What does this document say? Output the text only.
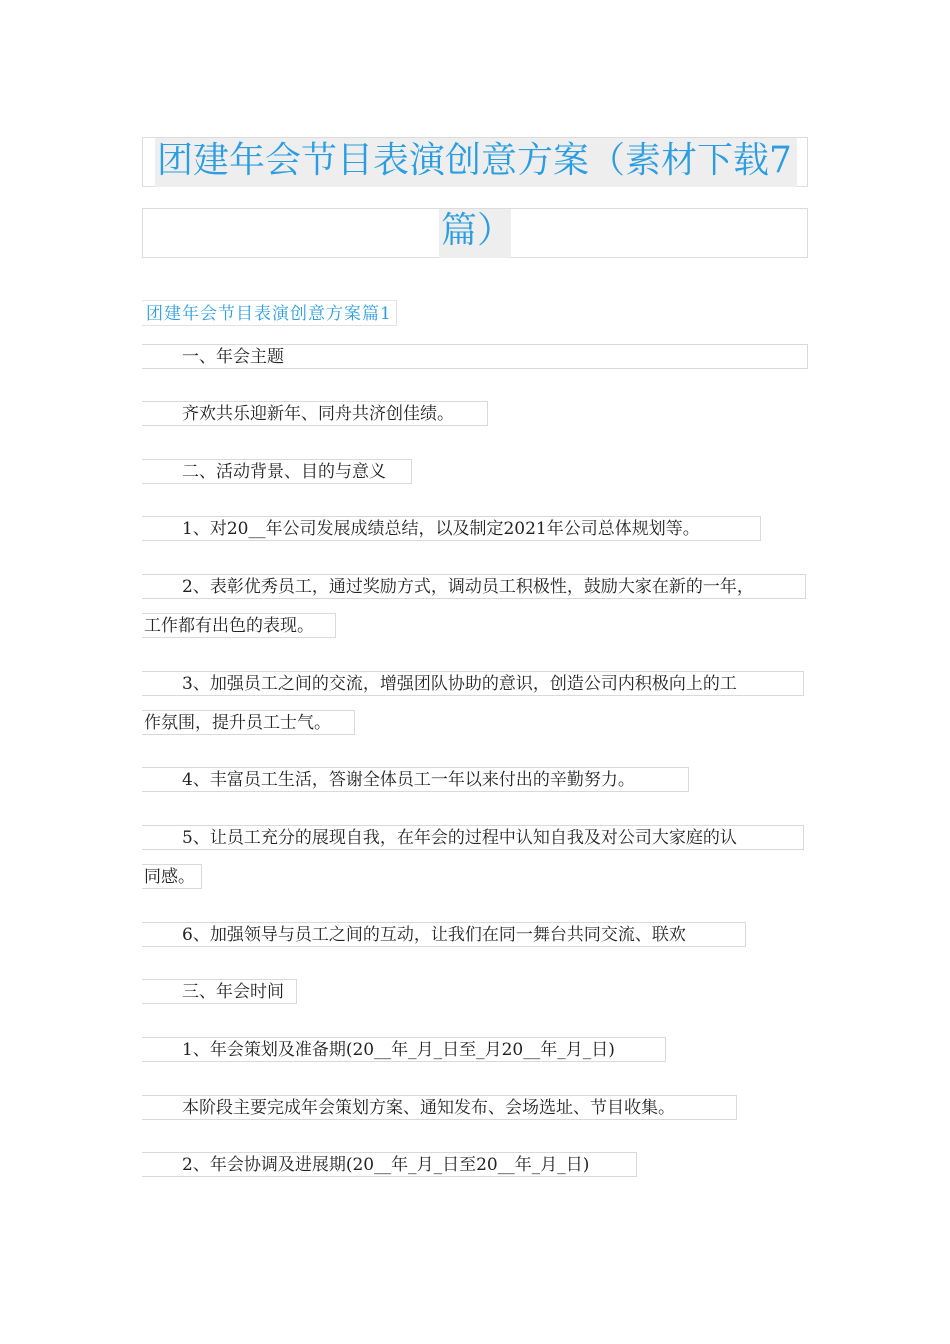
团建年会节目表演创意方案（素材下载7
篇）
团建年会节目表演创意方案篇1
一、年会主题
齐欢共乐迎新年、同舟共济创佳绩。
二、活动背景、目的与意义
1、对20__年公司发展成绩总结，以及制定2021年公司总体规划等。
2、表彰优秀员工，通过奖励方式，调动员工积极性，鼓励大家在新的一年，
工作都有出色的表现。
3、加强员工之间的交流，增强团队协助的意识，创造公司内积极向上的工
作氛围，提升员工士气。
4、丰富员工生活，答谢全体员工一年以来付出的辛勤努力。
5、让员工充分的展现自我，在年会的过程中认知自我及对公司大家庭的认
同感。
6、加强领导与员工之间的互动，让我们在同一舞台共同交流、联欢
三、年会时间
1、年会策划及准备期(20__年_月_日至_月20__年_月_日)
本阶段主要完成年会策划方案、通知发布、会场选址、节目收集。
2、年会协调及进展期(20__年_月_日至20__年_月_日)
